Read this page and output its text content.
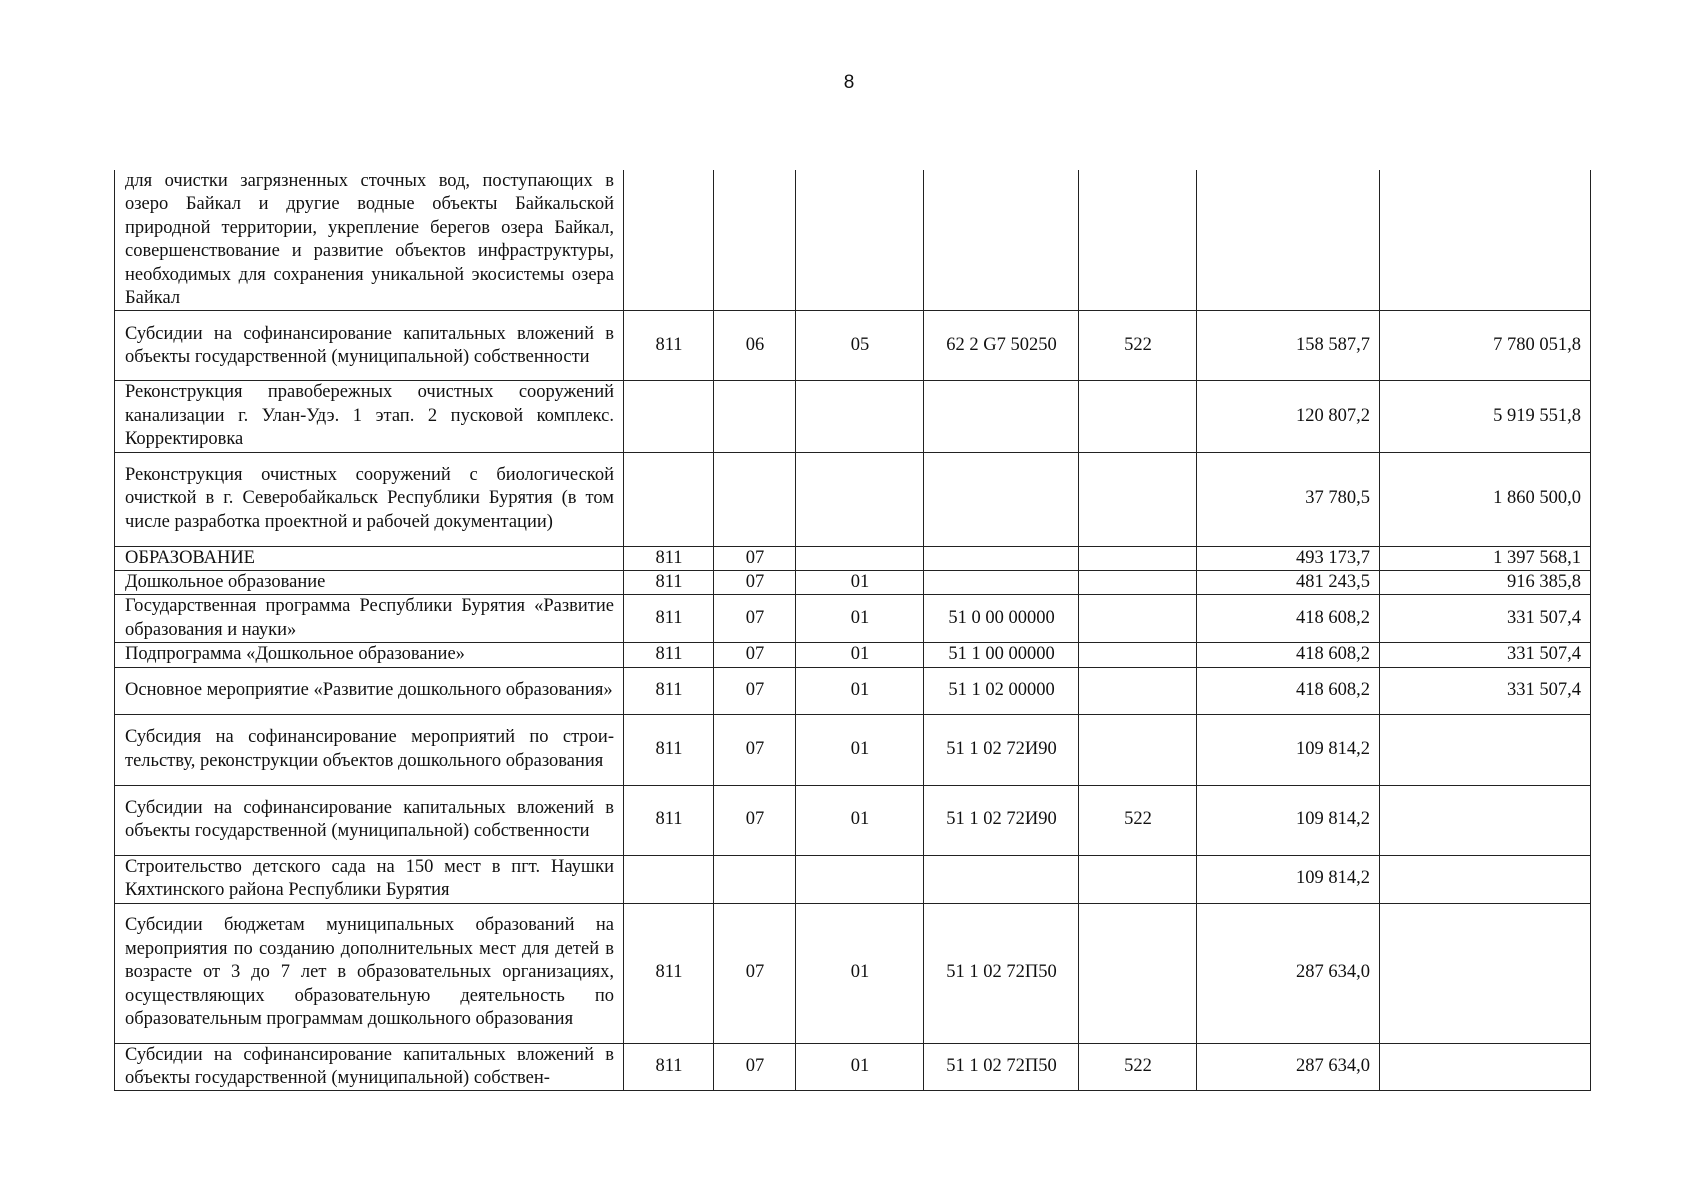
8
для очистки загрязненных сточных вод, поступающих в озеро Байкал и другие водные объекты Байкальской природной территории, укрепление берегов озера Байкал, совершенствование и развитие объектов инфраструктуры, необходимых для сохранения уникальной экосистемы озера Байкал							
Субсидии на софинансирование капитальных вложений в объекты государственной (муниципальной) собственности	811	06	05	62 2 G7 50250	522	158 587,7	7 780 051,8
Реконструкция правобережных очистных сооружений канализации г. Улан-Удэ. 1 этап. 2 пусковой комплекс. Корректировка						120 807,2	5 919 551,8
Реконструкция очистных сооружений с биологической очисткой в г. Северобайкальск Республики Бурятия (в том числе разработка проектной и рабочей документации)						37 780,5	1 860 500,0
ОБРАЗОВАНИЕ	811	07				493 173,7	1 397 568,1
Дошкольное образование	811	07	01			481 243,5	916 385,8
Государственная программа Республики Бурятия «Развитие образования и науки»	811	07	01	51 0 00 00000		418 608,2	331 507,4
Подпрограмма «Дошкольное образование»	811	07	01	51 1 00 00000		418 608,2	331 507,4
Основное мероприятие «Развитие дошкольного образования»	811	07	01	51 1 02 00000		418 608,2	331 507,4
Субсидия на софинансирование мероприятий по строительству, реконструкции объектов дошкольного образования	811	07	01	51 1 02 72И90		109 814,2	
Субсидии на софинансирование капитальных вложений в объекты государственной (муниципальной) собственности	811	07	01	51 1 02 72И90	522	109 814,2	
Строительство детского сада на 150 мест в пгт. Наушки Кяхтинского района Республики Бурятия						109 814,2	
Субсидии бюджетам муниципальных образований на мероприятия по созданию дополнительных мест для детей в возрасте от 3 до 7 лет в образовательных организациях, осуществляющих образовательную деятельность по образовательным программам дошкольного образования	811	07	01	51 1 02 72П50		287 634,0	
Субсидии на софинансирование капитальных вложений в объекты государственной (муниципальной) собствен-	811	07	01	51 1 02 72П50	522	287 634,0	
